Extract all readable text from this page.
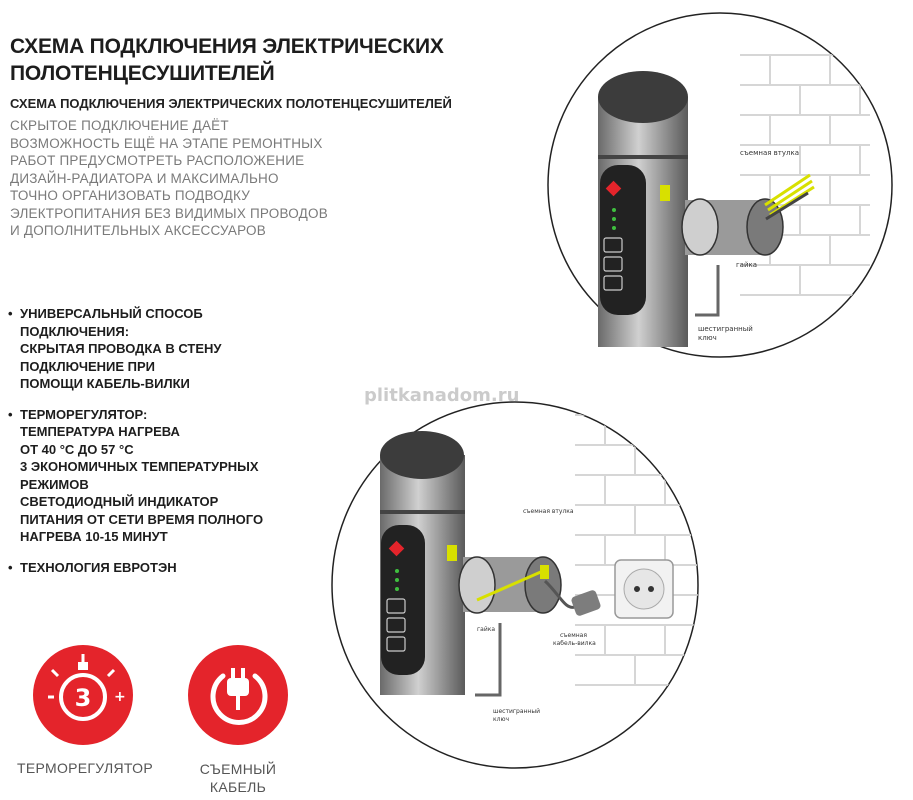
СХЕМА ПОДКЛЮЧЕНИЯ ЭЛЕКТРИЧЕСКИХ ПОЛОТЕНЦЕСУШИТЕЛЕЙ
СХЕМА ПОДКЛЮЧЕНИЯ ЭЛЕКТРИЧЕСКИХ ПОЛОТЕНЦЕСУШИТЕЛЕЙ
СКРЫТОЕ ПОДКЛЮЧЕНИЕ ДАЁТ
ВОЗМОЖНОСТЬ ЕЩЁ НА ЭТАПЕ РЕМОНТНЫХ
РАБОТ ПРЕДУСМОТРЕТЬ РАСПОЛОЖЕНИЕ
ДИЗАЙН-РАДИАТОРА И МАКСИМАЛЬНО
ТОЧНО ОРГАНИЗОВАТЬ ПОДВОДКУ
ЭЛЕКТРОПИТАНИЯ БЕЗ ВИДИМЫХ ПРОВОДОВ
И ДОПОЛНИТЕЛЬНЫХ АКСЕССУАРОВ
• УНИВЕРСАЛЬНЫЙ СПОСОБ
ПОДКЛЮЧЕНИЯ:
СКРЫТАЯ ПРОВОДКА В СТЕНУ
ПОДКЛЮЧЕНИЕ ПРИ
ПОМОЩИ КАБЕЛЬ-ВИЛКИ
• ТЕРМОРЕГУЛЯТОР:
ТЕМПЕРАТУРА НАГРЕВА
ОТ 40 °С ДО 57 °С
3 ЭКОНОМИЧНЫХ ТЕМПЕРАТУРНЫХ
РЕЖИМОВ
СВЕТОДИОДНЫЙ ИНДИКАТОР
ПИТАНИЯ ОТ СЕТИ ВРЕМЯ ПОЛНОГО
НАГРЕВА 10-15 МИНУТ
• ТЕХНОЛОГИЯ ЕВРОТЭН
+
3
ТЕРМОРЕГУЛЯТОР	СЪЕМНЫЙ
КАБЕЛЬ
съемная втулка
гайка
шестигранный
ключ
plitkanadom.ru
съемная втулка
гайка
съемная
кабель-вилка
шестигранный
ключ
